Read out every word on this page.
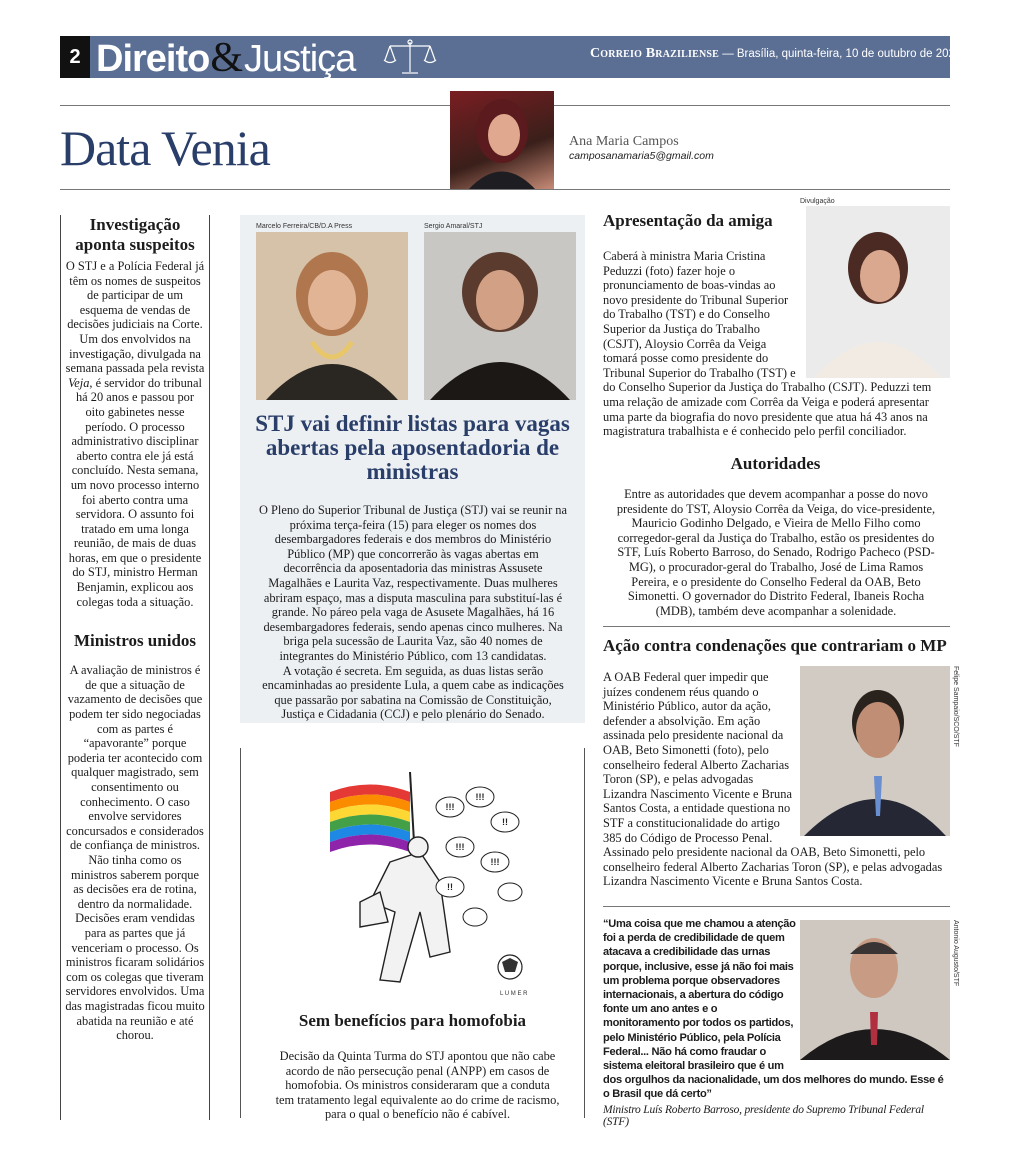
2 Direito & Justiça	Correio Braziliense — Brasília, quinta-feira, 10 de outubro de 2024
Data Venia	Ana Maria Campos
camposanamaria5@gmail.com
Investigação aponta suspeitos

O STJ e a Polícia Federal já têm os nomes de suspeitos de participar de um esquema de vendas de decisões judiciais na Corte. Um dos envolvidos na investigação, divulgada na semana passada pela revista Veja, é servidor do tribunal há 20 anos e passou por oito gabinetes nesse período. O processo administrativo disciplinar aberto contra ele já está concluído. Nesta semana, um novo processo interno foi aberto contra uma servidora. O assunto foi tratado em uma longa reunião, de mais de duas horas, em que o presidente do STJ, ministro Herman Benjamin, explicou aos colegas toda a situação.

Ministros unidos

A avaliação de ministros é de que a situação de vazamento de decisões que podem ter sido negociadas com as partes é “apavorante” porque poderia ter acontecido com qualquer magistrado, sem consentimento ou conhecimento. O caso envolve servidores concursados e considerados de confiança de ministros. Não tinha como os ministros saberem porque as decisões era de rotina, dentro da normalidade. Decisões eram vendidas para as partes que já venceriam o processo. Os ministros ficaram solidários com os colegas que tiveram servidores envolvidos. Uma das magistradas ficou muito abatida na reunião e até chorou.

Marcelo Ferreira/CB/D.A Press	Sergio Amaral/STJ
STJ vai definir listas para vagas abertas pela aposentadoria de ministras

O Pleno do Superior Tribunal de Justiça (STJ) vai se reunir na próxima terça-feira (15) para eleger os nomes dos desembargadores federais e dos membros do Ministério Público (MP) que concorrerão às vagas abertas em decorrência da aposentadoria das ministras Assusete Magalhães e Laurita Vaz, respectivamente. Duas mulheres abriram espaço, mas a disputa masculina para substituí-las é grande. No páreo pela vaga de Asusete Magalhães, há 16 desembargadores federais, sendo apenas cinco mulheres. Na briga pela sucessão de Laurita Vaz, são 40 nomes de integrantes do Ministério Público, com 13 candidatas.

A votação é secreta. Em seguida, as duas listas serão encaminhadas ao presidente Lula, a quem cabe as indicações que passarão por sabatina na Comissão de Constituição, Justiça e Cidadania (CCJ) e pelo plenário do Senado.

!!!
!!!
!!
!!!
!!!
!!
L U M E R
Sem benefícios para homofobia

Decisão da Quinta Turma do STJ apontou que não cabe acordo de não persecução penal (ANPP) em casos de homofobia. Os ministros consideraram que a conduta tem tratamento legal equivalente ao do crime de racismo, para o qual o benefício não é cabível.

Apresentação da amiga
Divulgação

Caberá à ministra Maria Cristina Peduzzi (foto) fazer hoje o pronunciamento de boas-vindas ao novo presidente do Tribunal Superior do Trabalho (TST) e do Conselho Superior da Justiça do Trabalho (CSJT), Aloysio Corrêa da Veiga tomará posse como presidente do Tribunal Superior do Trabalho (TST) e do Conselho Superior da Justiça do Trabalho (CSJT). Peduzzi tem uma relação de amizade com Corrêa da Veiga e poderá apresentar uma parte da biografia do novo presidente que atua há 43 anos na magistratura trabalhista e é conhecido pelo perfil conciliador.

Autoridades

Entre as autoridades que devem acompanhar a posse do novo presidente do TST, Aloysio Corrêa da Veiga, do vice-presidente, Mauricio Godinho Delgado, e Vieira de Mello Filho como corregedor-geral da Justiça do Trabalho, estão os presidentes do STF, Luís Roberto Barroso, do Senado, Rodrigo Pacheco (PSD-MG), o procurador-geral do Trabalho, José de Lima Ramos Pereira, e o presidente do Conselho Federal da OAB, Beto Simonetti. O governador do Distrito Federal, Ibaneis Rocha (MDB), também deve acompanhar a solenidade.

Ação contra condenações que contrariam o MP
Felipe Sampaio/SCO/STF

A OAB Federal quer impedir que juízes condenem réus quando o Ministério Público, autor da ação, defender a absolvição. Em ação assinada pelo presidente nacional da OAB, Beto Simonetti (foto), pelo conselheiro federal Alberto Zacharias Toron (SP), e pelas advogadas Lizandra Nascimento Vicente e Bruna Santos Costa, a entidade questiona no STF a constitucionalidade do artigo 385 do Código de Processo Penal. Assinado pelo presidente nacional da OAB, Beto Simonetti, pelo conselheiro federal Alberto Zacharias Toron (SP), e pelas advogadas Lizandra Nascimento Vicente e Bruna Santos Costa.

Antonio Augusto/STF

“Uma coisa que me chamou a atenção foi a perda de credibilidade de quem atacava a credibilidade das urnas porque, inclusive, esse já não foi mais um problema porque observadores internacionais, a abertura do código fonte um ano antes e o monitoramento por todos os partidos, pelo Ministério Público, pela Polícia Federal... Não há como fraudar o sistema eleitoral brasileiro que é um dos orgulhos da nacionalidade, um dos melhores do mundo. Esse é o Brasil que dá certo”

Ministro Luís Roberto Barroso, presidente do Supremo Tribunal Federal (STF)
